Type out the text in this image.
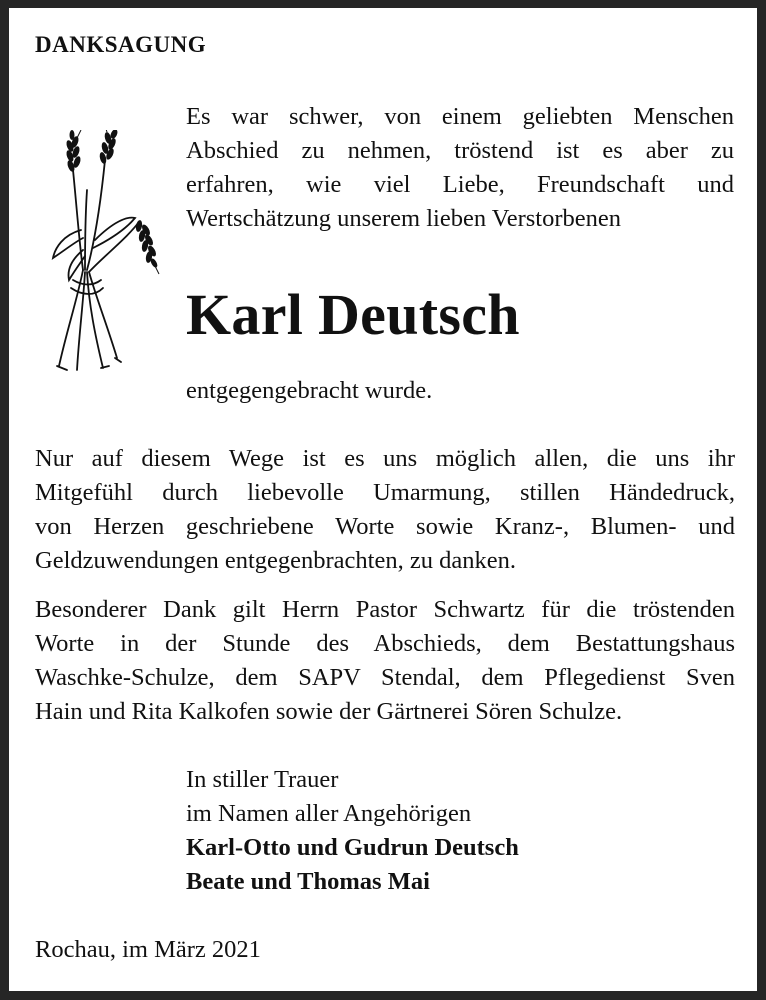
DANKSAGUNG
Es war schwer, von einem geliebten Menschen
Abschied zu nehmen, tröstend ist es aber zu
erfahren, wie viel Liebe, Freundschaft und
Wertschätzung unserem lieben Verstorbenen
Karl Deutsch
entgegengebracht wurde.
Nur auf diesem Wege ist es uns möglich allen, die uns ihr
Mitgefühl durch liebevolle Umarmung, stillen Händedruck,
von Herzen geschriebene Worte sowie Kranz-, Blumen- und
Geldzuwendungen entgegenbrachten, zu danken.
Besonderer Dank gilt Herrn Pastor Schwartz für die tröstenden
Worte in der Stunde des Abschieds, dem Bestattungshaus
Waschke-Schulze, dem SAPV Stendal, dem Pflegedienst Sven
Hain und Rita Kalkofen sowie der Gärtnerei Sören Schulze.
In stiller Trauer
im Namen aller Angehörigen
Karl-Otto und Gudrun Deutsch
Beate und Thomas Mai
Rochau, im März 2021
